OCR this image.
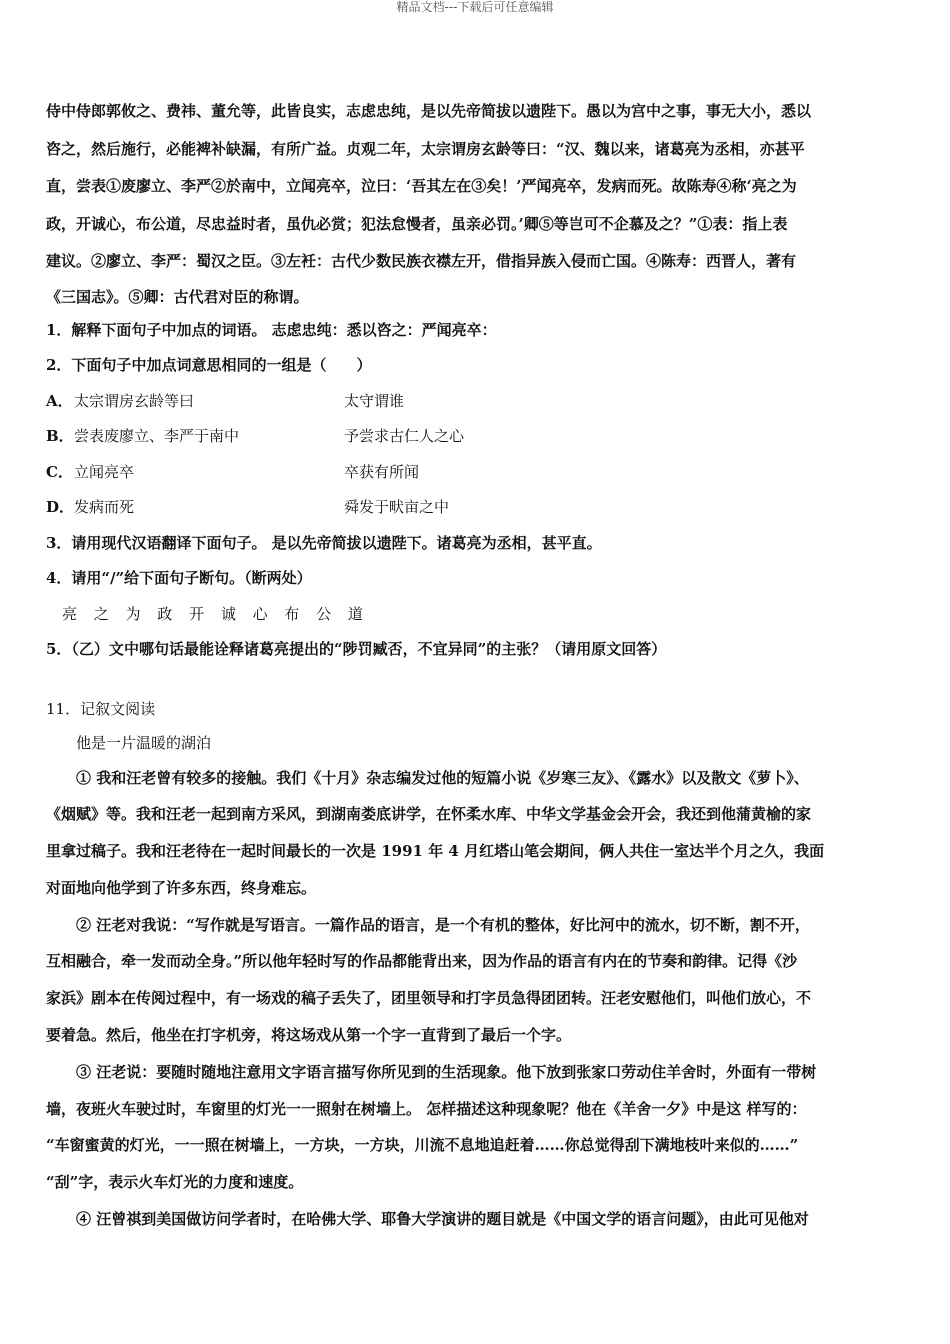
精品文档---下载后可任意编辑
侍中侍郎郭攸之、费祎、董允等，此皆良实，志虑忠纯，是以先帝简拔以遗陛下。愚以为宫中之事，事无大小，悉以
咨之，然后施行，必能裨补缺漏，有所广益。贞观二年，太宗谓房玄龄等曰：“汉、魏以来，诸葛亮为丞相，亦甚平
直，尝表①废廖立、李严②於南中，立闻亮卒，泣曰：‘吾其左在③矣！’严闻亮卒，发病而死。故陈寿④称‘亮之为
政，开诚心，布公道，尽忠益时者，虽仇必赏；犯法怠慢者，虽亲必罚。’卿⑤等岂可不企慕及之？”①表：指上表
建议。②廖立、李严：蜀汉之臣。③左衽：古代少数民族衣襟左开，借指异族入侵而亡国。④陈寿：西晋人，著有
《三国志》。⑤卿：古代君对臣的称谓。
1．解释下面句子中加点的词语。 志虑忠纯：悉以咨之：严闻亮卒：
2．下面句子中加点词意思相同的一组是（　　）
A． 太宗谓房玄龄等曰	太守谓谁
B． 尝表废廖立、李严于南中	予尝求古仁人之心
C． 立闻亮卒	卒获有所闻
D． 发病而死	舜发于畎亩之中
3．请用现代汉语翻译下面句子。 是以先帝简拔以遗陛下。诸葛亮为丞相，甚平直。
4．请用“/”给下面句子断句。（断两处）
亮 之 为 政 开 诚 心 布 公 道
5．（乙）文中哪句话最能诠释诸葛亮提出的“陟罚臧否，不宜异同”的主张？（请用原文回答）
11．记叙文阅读
他是一片温暖的湖泊
① 我和汪老曾有较多的接触。我们《十月》杂志编发过他的短篇小说《岁寒三友》、《露水》以及散文《萝卜》、
《烟赋》等。我和汪老一起到南方采风，到湖南娄底讲学，在怀柔水库、中华文学基金会开会，我还到他蒲黄榆的家
里拿过稿子。我和汪老待在一起时间最长的一次是 1991 年 4 月红塔山笔会期间，俩人共住一室达半个月之久，我面
对面地向他学到了许多东西，终身难忘。
② 汪老对我说：“写作就是写语言。一篇作品的语言，是一个有机的整体，好比河中的流水，切不断，割不开，
互相融合，牵一发而动全身。”所以他年轻时写的作品都能背出来，因为作品的语言有内在的节奏和韵律。记得《沙
家浜》剧本在传阅过程中，有一场戏的稿子丢失了，团里领导和打字员急得团团转。汪老安慰他们，叫他们放心，不
要着急。然后，他坐在打字机旁，将这场戏从第一个字一直背到了最后一个字。
③ 汪老说：要随时随地注意用文字语言描写你所见到的生活现象。他下放到张家口劳动住羊舍时，外面有一带树
墙，夜班火车驶过时，车窗里的灯光一一照射在树墙上。 怎样描述这种现象呢？他在《羊舍一夕》中是这 样写的：
“车窗蜜黄的灯光，一一照在树墙上，一方块，一方块，川流不息地追赶着……你总觉得刮下满地枝叶来似的……”
“刮”字，表示火车灯光的力度和速度。
④ 汪曾祺到美国做访问学者时，在哈佛大学、耶鲁大学演讲的题目就是《中国文学的语言问题》，由此可见他对
